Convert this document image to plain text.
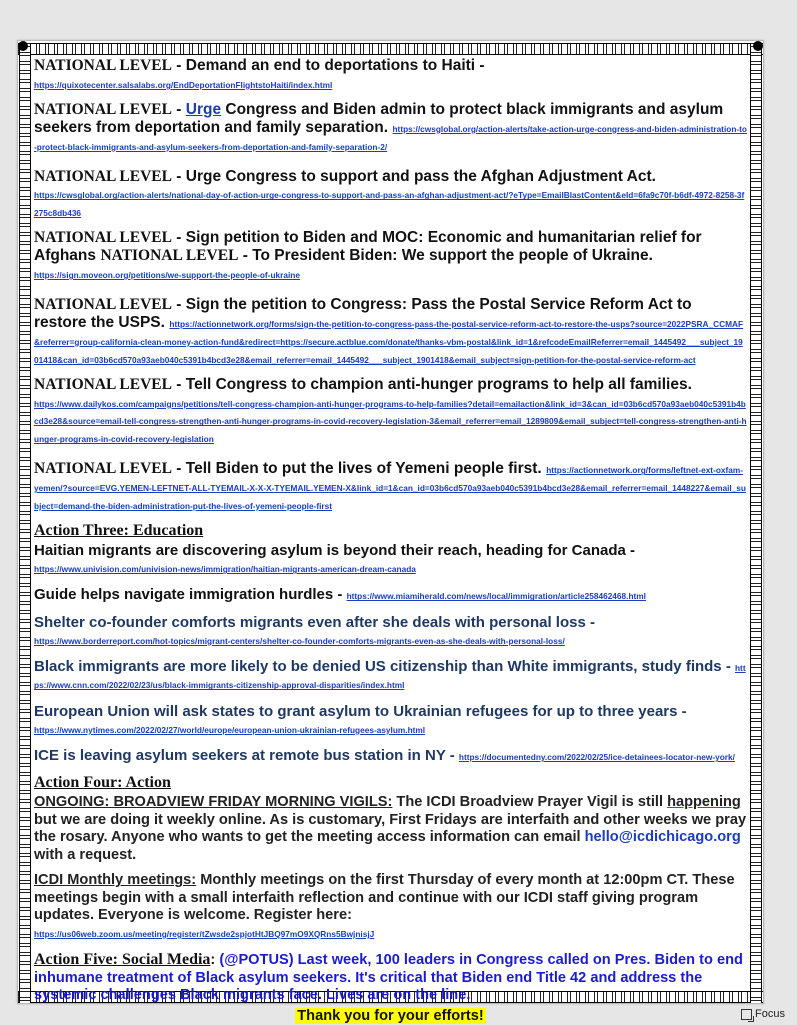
NATIONAL LEVEL - Demand an end to deportations to Haiti -
https://quixotecenter.salsalabs.org/EndDeportationFlightstoHaiti/index.html
NATIONAL LEVEL - Urge Congress and Biden admin to protect black immigrants and asylum seekers from deportation and family separation. https://cwsglobal.org/action-alerts/take-action-urge-congress-and-biden-administration-to-protect-black-immigrants-and-asylum-seekers-from-deportation-and-family-separation-2/
NATIONAL LEVEL - Urge Congress to support and pass the Afghan Adjustment Act.
https://cwsglobal.org/action-alerts/national-day-of-action-urge-congress-to-support-and-pass-an-afghan-adjustment-act/?eType=EmailBlastContent&eId=6fa9c70f-b6df-4972-8258-3f275c8db436
NATIONAL LEVEL - Sign petition to Biden and MOC: Economic and humanitarian relief for Afghans NATIONAL LEVEL - To President Biden: We support the people of Ukraine.
https://sign.moveon.org/petitions/we-support-the-people-of-ukraine
NATIONAL LEVEL - Sign the petition to Congress: Pass the Postal Service Reform Act to restore the USPS. https://actionnetwork.org/forms/sign-the-petition-to-congress-pass-the-postal-service-reform-act-to-restore-the-usps?source=2022PSRA_CCMAF&referrer=group-california-clean-money-action-fund&redirect=https://secure.actblue.com/donate/thanks-vbm-postal&link_id=1&refcodeEmailReferrer=email_1445492___subject_1901418&can_id=03b6cd570a93aeb040c5391b4bcd3e28&email_referrer=email_1445492___subject_1901418&email_subject=sign-petition-for-the-postal-service-reform-act
NATIONAL LEVEL - Tell Congress to champion anti-hunger programs to help all families.
https://www.dailykos.com/campaigns/petitions/tell-congress-champion-anti-hunger-programs-to-help-families?detail=emailaction&link_id=3&can_id=03b6cd570a93aeb040c5391b4bcd3e28&source=email-tell-congress-strengthen-anti-hunger-programs-in-covid-recovery-legislation-3&email_referrer=email_1289809&email_subject=tell-congress-strengthen-anti-hunger-programs-in-covid-recovery-legislation
NATIONAL LEVEL - Tell Biden to put the lives of Yemeni people first. https://actionnetwork.org/forms/leftnet-ext-oxfam-yemen/?source=EVG.YEMEN-LEFTNET-ALL-TYEMAIL-X-X-X-TYEMAIL.YEMEN-X&link_id=1&can_id=03b6cd570a93aeb040c5391b4bcd3e28&email_referrer=email_1448227&email_subject=demand-the-biden-administration-put-the-lives-of-yemeni-people-first
Action Three: Education
Haitian migrants are discovering asylum is beyond their reach, heading for Canada -
https://www.univision.com/univision-news/immigration/haitian-migrants-american-dream-canada
Guide helps navigate immigration hurdles - https://www.miamiherald.com/news/local/immigration/article258462468.html
Shelter co-founder comforts migrants even after she deals with personal loss -
https://www.borderreport.com/hot-topics/migrant-centers/shelter-co-founder-comforts-migrants-even-as-she-deals-with-personal-loss/
Black immigrants are more likely to be denied US citizenship than White immigrants, study finds - https://www.cnn.com/2022/02/23/us/black-immigrants-citizenship-approval-disparities/index.html
European Union will ask states to grant asylum to Ukrainian refugees for up to three years -
https://www.nytimes.com/2022/02/27/world/europe/european-union-ukrainian-refugees-asylum.html
ICE is leaving asylum seekers at remote bus station in NY - https://documentedny.com/2022/02/25/ice-detainees-locator-new-york/
Action Four: Action
ONGOING: BROADVIEW FRIDAY MORNING VIGILS: The ICDI Broadview Prayer Vigil is still happening but we are doing it weekly online. As is customary, First Fridays are interfaith and other weeks we pray the rosary. Anyone who wants to get the meeting access information can email hello@icdichicago.org with a request.
ICDI Monthly meetings: Monthly meetings on the first Thursday of every month at 12:00pm CT. These meetings begin with a small interfaith reflection and continue with our ICDI staff giving program updates. Everyone is welcome. Register here:
https://us06web.zoom.us/meeting/register/tZwsde2spjotHtJBQ97mO9XQRns5BwjnisjJ
Action Five: Social Media: (@POTUS) Last week, 100 leaders in Congress called on Pres. Biden to end inhumane treatment of Black asylum seekers. It's critical that Biden end Title 42 and address the systemic challenges Black migrants face. Lives are on the line.
Thank you for your efforts!	Focus
